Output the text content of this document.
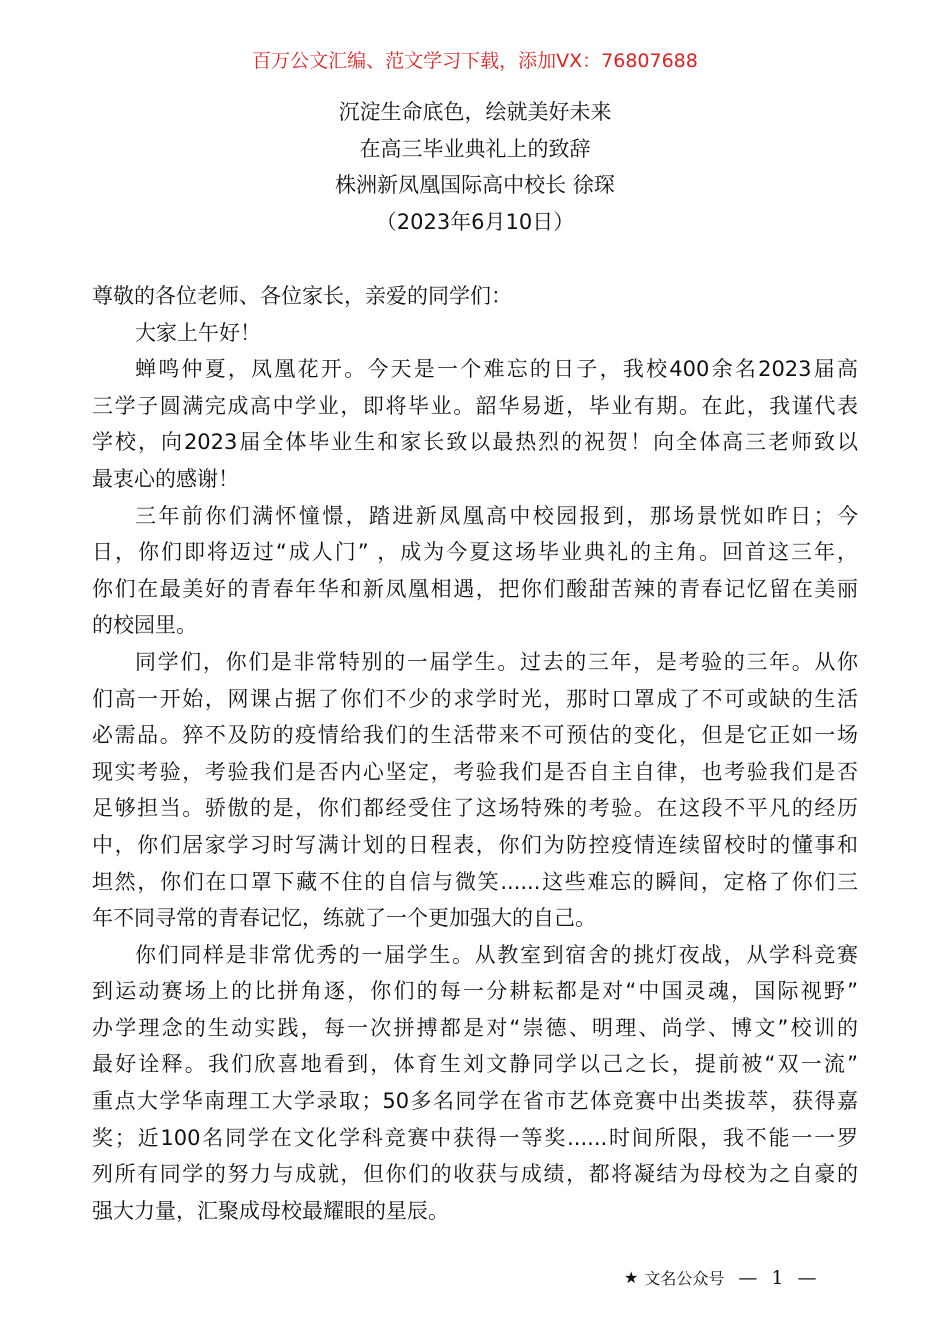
百万公文汇编、范文学习下载，添加VX：76807688
沉淀生命底色，绘就美好未来
在高三毕业典礼上的致辞
株洲新凤凰国际高中校长 徐琛
（2023年6月10日）
尊敬的各位老师、各位家长，亲爱的同学们：
大家上午好！
蝉鸣仲夏，凤凰花开。今天是一个难忘的日子，我校400余名2023届高
三学子圆满完成高中学业，即将毕业。韶华易逝，毕业有期。在此，我谨代表
学校，向2023届全体毕业生和家长致以最热烈的祝贺！向全体高三老师致以
最衷心的感谢！
三年前你们满怀憧憬，踏进新凤凰高中校园报到，那场景恍如昨日；今
日，你们即将迈过“成人门” ，成为今夏这场毕业典礼的主角。回首这三年，
你们在最美好的青春年华和新凤凰相遇，把你们酸甜苦辣的青春记忆留在美丽
的校园里。
同学们，你们是非常特别的一届学生。过去的三年，是考验的三年。从你
们高一开始，网课占据了你们不少的求学时光，那时口罩成了不可或缺的生活
必需品。猝不及防的疫情给我们的生活带来不可预估的变化，但是它正如一场
现实考验，考验我们是否内心坚定，考验我们是否自主自律，也考验我们是否
足够担当。骄傲的是，你们都经受住了这场特殊的考验。在这段不平凡的经历
中，你们居家学习时写满计划的日程表，你们为防控疫情连续留校时的懂事和
坦然，你们在口罩下藏不住的自信与微笑......这些难忘的瞬间，定格了你们三
年不同寻常的青春记忆，练就了一个更加强大的自己。
你们同样是非常优秀的一届学生。从教室到宿舍的挑灯夜战，从学科竞赛
到运动赛场上的比拼角逐，你们的每一分耕耘都是对“中国灵魂，国际视野”
办学理念的生动实践，每一次拼搏都是对“崇德、明理、尚学、博文”校训的
最好诠释。我们欣喜地看到，体育生刘文静同学以己之长，提前被“双一流”
重点大学华南理工大学录取；50多名同学在省市艺体竞赛中出类拔萃，获得嘉
奖；近100名同学在文化学科竞赛中获得一等奖......时间所限，我不能一一罗
列所有同学的努力与成就，但你们的收获与成绩，都将凝结为母校为之自豪的
强大力量，汇聚成母校最耀眼的星辰。
★ 文名公众号 — 1 —
